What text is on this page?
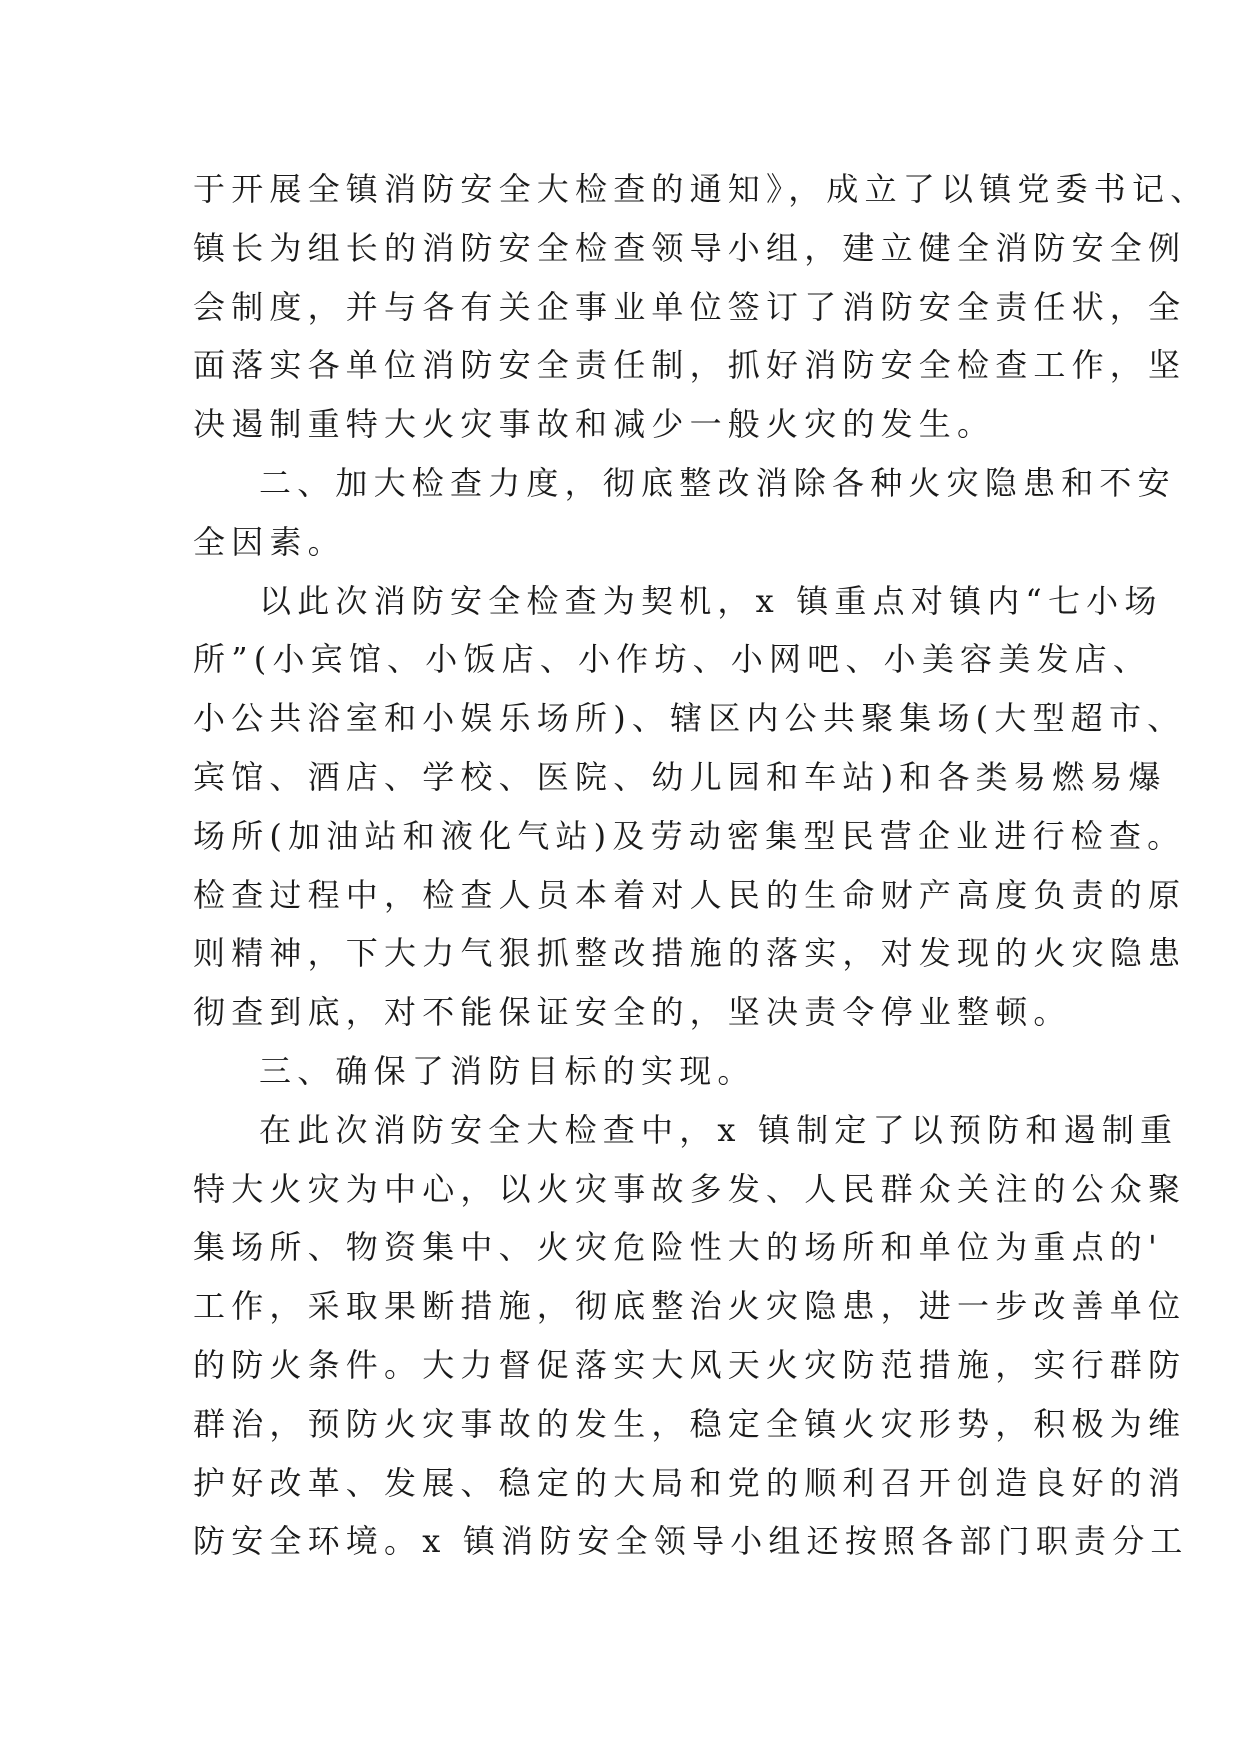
于开展全镇消防安全大检查的通知》，成立了以镇党委书记、
镇长为组长的消防安全检查领导小组，建立健全消防安全例
会制度，并与各有关企事业单位签订了消防安全责任状，全
面落实各单位消防安全责任制，抓好消防安全检查工作，坚
决遏制重特大火灾事故和减少一般火灾的发生。
二、加大检查力度，彻底整改消除各种火灾隐患和不安
全因素。
以此次消防安全检查为契机，x 镇重点对镇内“七小场
所”(小宾馆、小饭店、小作坊、小网吧、小美容美发店、
小公共浴室和小娱乐场所)、辖区内公共聚集场(大型超市、
宾馆、酒店、学校、医院、幼儿园和车站)和各类易燃易爆
场所(加油站和液化气站)及劳动密集型民营企业进行检查。
检查过程中，检查人员本着对人民的生命财产高度负责的原
则精神，下大力气狠抓整改措施的落实，对发现的火灾隐患
彻查到底，对不能保证安全的，坚决责令停业整顿。
三、确保了消防目标的实现。
在此次消防安全大检查中，x 镇制定了以预防和遏制重
特大火灾为中心，以火灾事故多发、人民群众关注的公众聚
集场所、物资集中、火灾危险性大的场所和单位为重点的'
工作，采取果断措施，彻底整治火灾隐患，进一步改善单位
的防火条件。大力督促落实大风天火灾防范措施，实行群防
群治，预防火灾事故的发生，稳定全镇火灾形势，积极为维
护好改革、发展、稳定的大局和党的顺利召开创造良好的消
防安全环境。x 镇消防安全领导小组还按照各部门职责分工
